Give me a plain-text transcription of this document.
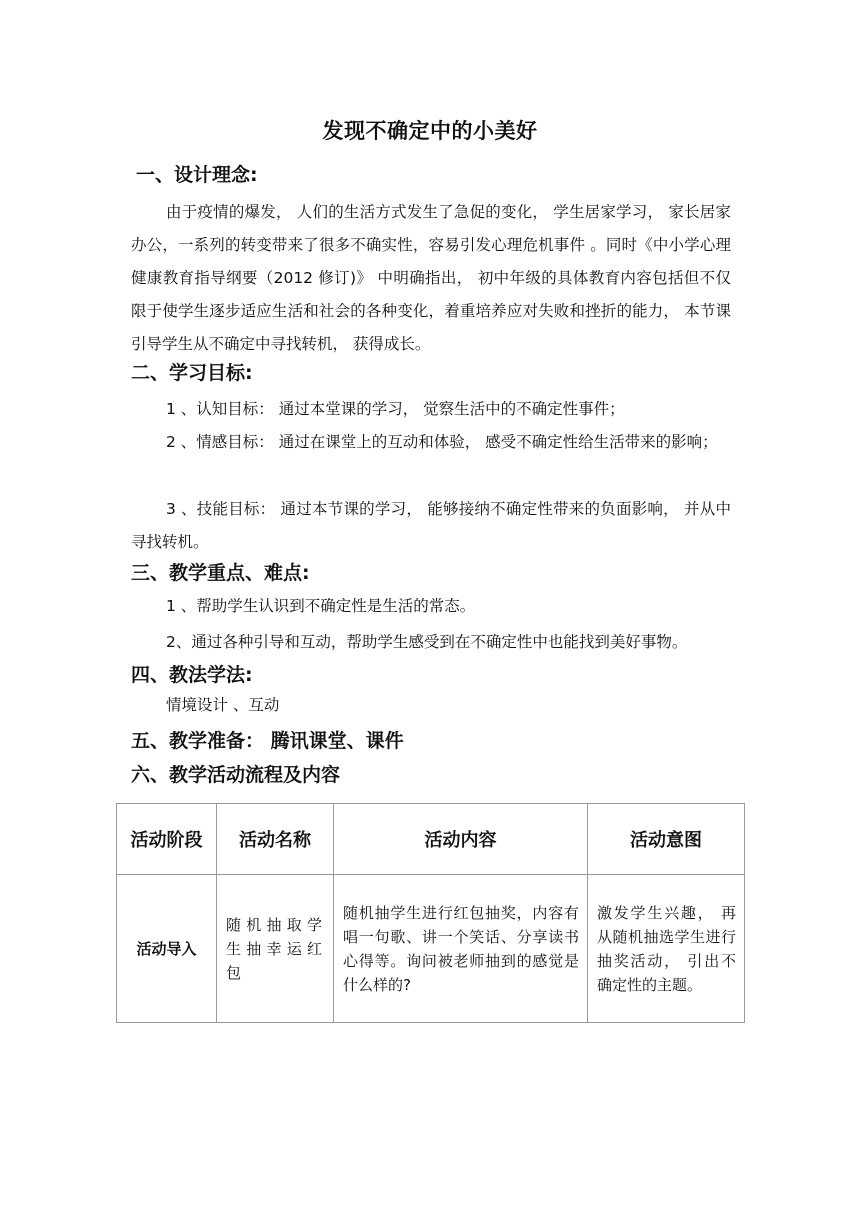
发现不确定中的小美好
一、设计理念:
由于疫情的爆发， 人们的生活方式发生了急促的变化， 学生居家学习， 家长居家办公，一系列的转变带来了很多不确实性，容易引发心理危机事件 。同时《中小学心理健康教育指导纲要（2012 修订)》 中明确指出， 初中年级的具体教育内容包括但不仅限于使学生逐步适应生活和社会的各种变化，着重培养应对失败和挫折的能力， 本节课引导学生从不确定中寻找转机， 获得成长。
二、学习目标:
1 、认知目标： 通过本堂课的学习， 觉察生活中的不确定性事件；
2 、情感目标： 通过在课堂上的互动和体验， 感受不确定性给生活带来的影响；
3 、技能目标： 通过本节课的学习， 能够接纳不确定性带来的负面影响， 并从中寻找转机。
三、教学重点、难点:
1 、帮助学生认识到不确定性是生活的常态。
2、通过各种引导和互动，帮助学生感受到在不确定性中也能找到美好事物。
四、教法学法:
情境设计 、互动
五、教学准备： 腾讯课堂、课件
六、教学活动流程及内容
活动阶段	活动名称	活动内容	活动意图
活动导入	随机抽取学生抽幸运红包	随机抽学生进行红包抽奖，内容有唱一句歌、讲一个笑话、分享读书心得等。询问被老师抽到的感觉是什么样的?	激发学生兴趣， 再从随机抽选学生进行抽奖活动， 引出不确定性的主题。
